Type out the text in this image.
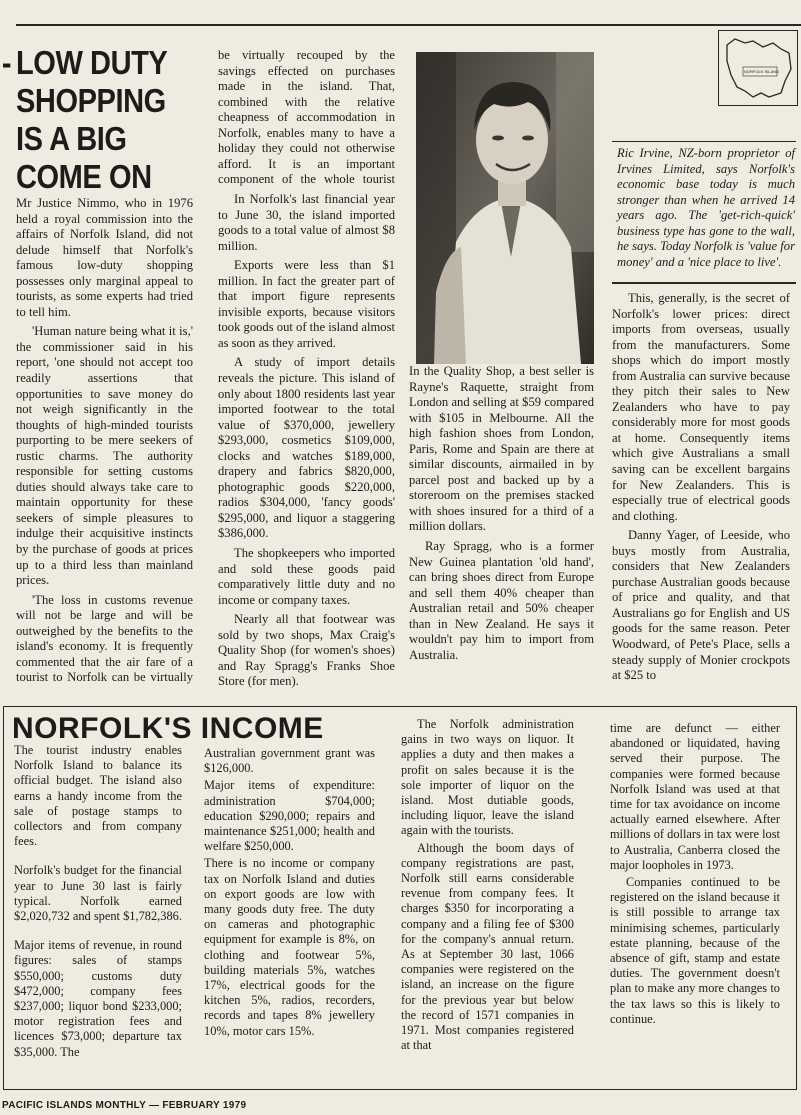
- LOW DUTY SHOPPING IS A BIG COME ON

Mr Justice Nimmo, who in 1976 held a royal commission into the affairs of Norfolk Island, did not delude himself that Norfolk's famous low-duty shopping possesses only marginal appeal to tourists, as some experts had tried to tell him.

'Human nature being what it is,' the commissioner said in his report, 'one should not accept too readily assertions that opportunities to save money do not weigh significantly in the thoughts of high-minded tourists purporting to be mere seekers of rustic charms. The authority responsible for setting customs duties should always take care to maintain opportunity for these seekers of simple pleasures to indulge their acquisitive instincts by the purchase of goods at prices up to a third less than mainland prices.

'The loss in customs revenue will not be large and will be outweighed by the benefits to the island's economy. It is frequently commented that the air fare of a tourist to Norfolk can be virtually

be virtually recouped by the savings effected on purchases made in the island. That, combined with the relative cheapness of accommodation in Norfolk, enables many to have a holiday they could not otherwise afford. It is an important component of the whole tourist

In Norfolk's last financial year to June 30, the island imported goods to a total value of almost $8 million.

Exports were less than $1 million. In fact the greater part of that import figure represents invisible exports, because visitors took goods out of the island almost as soon as they arrived.

A study of import details reveals the picture. This island of only about 1800 residents last year imported footwear to the total value of $370,000, jewellery $293,000, cosmetics $109,000, clocks and watches $189,000, drapery and fabrics $820,000, photographic goods $220,000, radios $304,000, 'fancy goods' $295,000, and liquor a staggering $386,000.

The shopkeepers who imported and sold these goods paid comparatively little duty and no income or company taxes.

Nearly all that footwear was sold by two shops, Max Craig's Quality Shop (for women's shoes) and Ray Spragg's Franks Shoe Store (for men).

In the Quality Shop, a best seller is Rayne's Raquette, straight from London and selling at $59 compared with $105 in Melbourne. All the high fashion shoes from London, Paris, Rome and Spain are there at similar discounts, airmailed in by parcel post and backed up by a storeroom on the premises stacked with shoes insured for a third of a million dollars.

Ray Spragg, who is a former New Guinea plantation 'old hand', can bring shoes direct from Europe and sell them 40% cheaper than Australian retail and 50% cheaper than in New Zealand. He says it wouldn't pay him to import from Australia.

NORFOLK ISLAND
Ric Irvine, NZ-born proprietor of Irvines Limited, says Norfolk's economic base today is much stronger than when he arrived 14 years ago. The 'get-rich-quick' business type has gone to the wall, he says. Today Norfolk is 'value for money' and a 'nice place to live'.

This, generally, is the secret of Norfolk's lower prices: direct imports from overseas, usually from the manufacturers. Some shops which do import mostly from Australia can survive because they pitch their sales to New Zealanders who have to pay considerably more for most goods at home. Consequently items which give Australians a small saving can be excellent bargains for New Zealanders. This is especially true of electrical goods and clothing.

Danny Yager, of Leeside, who buys mostly from Australia, considers that New Zealanders purchase Australian goods because of price and quality, and that Australians go for English and US goods for the same reason. Peter Woodward, of Pete's Place, sells a steady supply of Monier crockpots at $25 to

NORFOLK'S INCOME

The tourist industry enables Norfolk Island to balance its official budget. The island also earns a handy income from the sale of postage stamps to collectors and from company fees.

Norfolk's budget for the financial year to June 30 last is fairly typical. Norfolk earned $2,020,732 and spent $1,782,386.

Major items of revenue, in round figures: sales of stamps $550,000; customs duty $472,000; company fees $237,000; liquor bond $233,000; motor registration fees and licences $73,000; departure tax $35,000. The

Australian government grant was $126,000.

Major items of expenditure: administration $704,000; education $290,000; repairs and maintenance $251,000; health and welfare $250,000.

There is no income or company tax on Norfolk Island and duties on export goods are low with many goods duty free. The duty on cameras and photographic equipment for example is 8%, on clothing and footwear 5%, building materials 5%, watches 17%, electrical goods for the kitchen 5%, radios, recorders, records and tapes 8% jewellery 10%, motor cars 15%.

The Norfolk administration gains in two ways on liquor. It applies a duty and then makes a profit on sales because it is the sole importer of liquor on the island. Most dutiable goods, including liquor, leave the island again with the tourists.

Although the boom days of company registrations are past, Norfolk still earns considerable revenue from company fees. It charges $350 for incorporating a company and a filing fee of $300 for the company's annual return. As at September 30 last, 1066 companies were registered on the island, an increase on the figure for the previous year but below the record of 1571 companies in 1971. Most companies registered at that

time are defunct — either abandoned or liquidated, having served their purpose. The companies were formed because Norfolk Island was used at that time for tax avoidance on income actually earned elsewhere. After millions of dollars in tax were lost to Australia, Canberra closed the major loopholes in 1973.

Companies continued to be registered on the island because it is still possible to arrange tax minimising schemes, particularly estate planning, because of the absence of gift, stamp and estate duties. The government doesn't plan to make any more changes to the tax laws so this is likely to continue.

PACIFIC ISLANDS MONTHLY — FEBRUARY 1979
